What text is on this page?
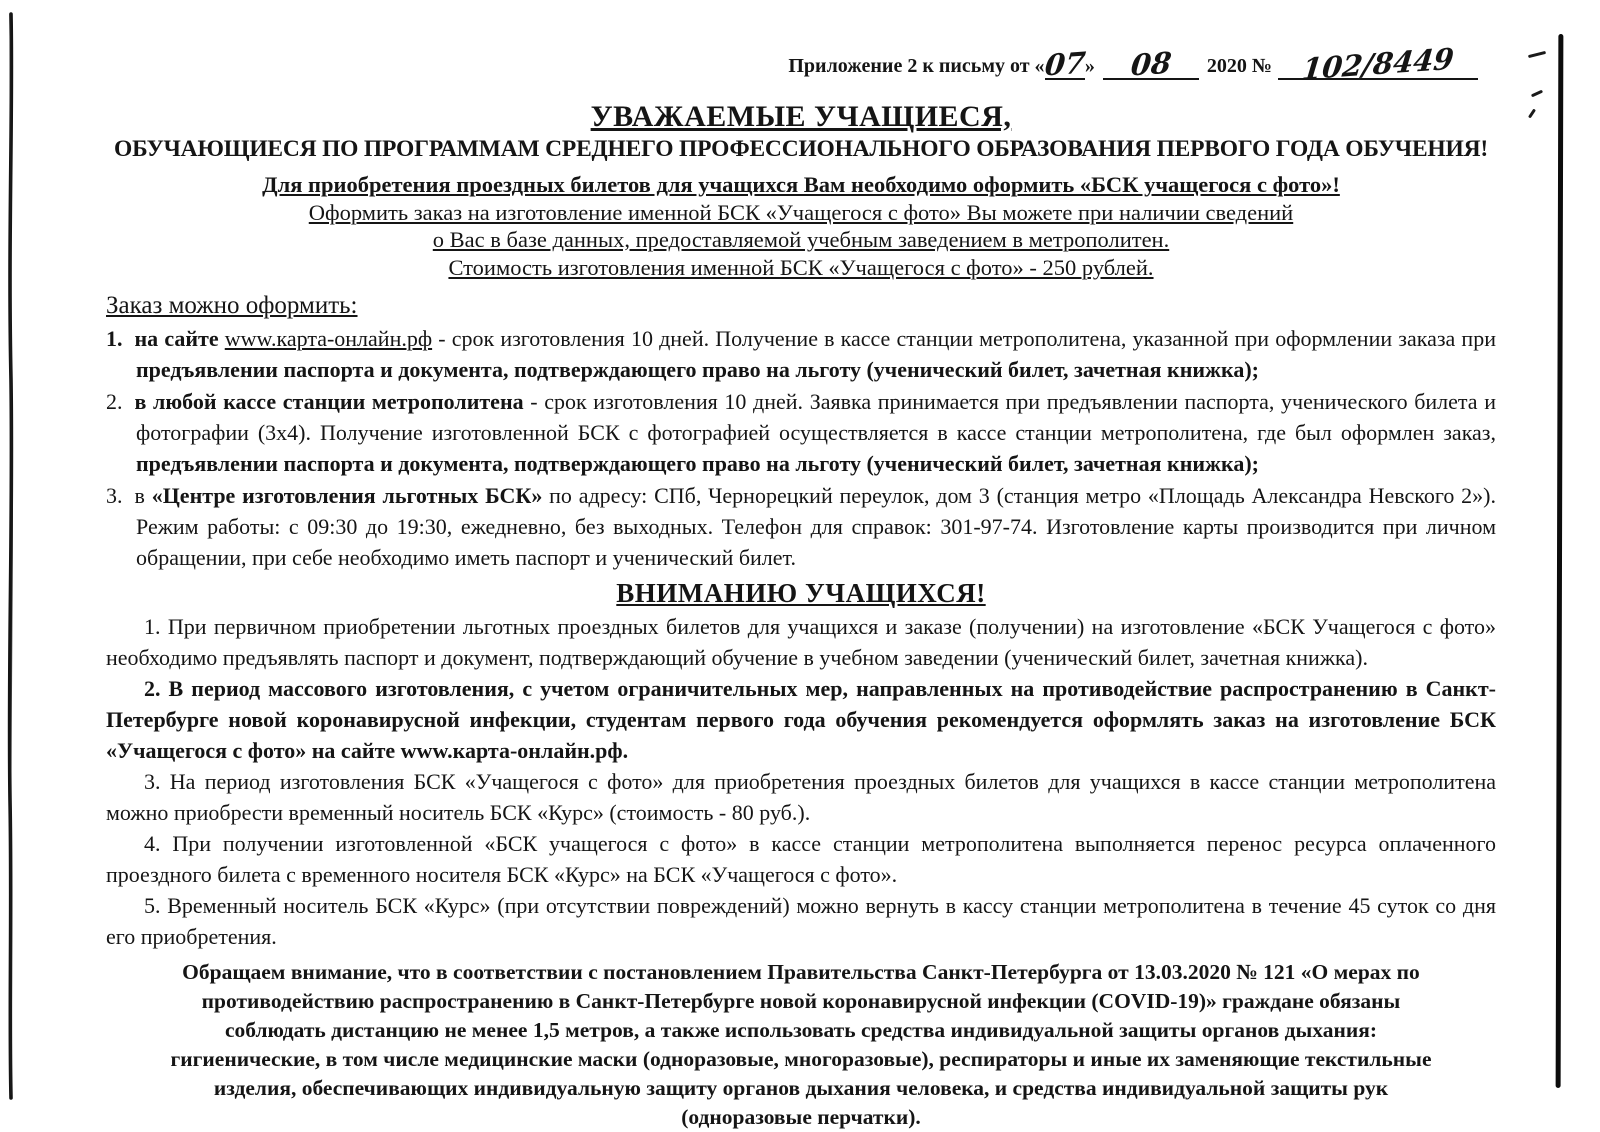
Приложение 2 к письму от «07» 08 2020 № 102/8449
УВАЖАЕМЫЕ УЧАЩИЕСЯ,
ОБУЧАЮЩИЕСЯ ПО ПРОГРАММАМ СРЕДНЕГО ПРОФЕССИОНАЛЬНОГО ОБРАЗОВАНИЯ ПЕРВОГО ГОДА ОБУЧЕНИЯ!
Для приобретения проездных билетов для учащихся Вам необходимо оформить «БСК учащегося с фото»!
Оформить заказ на изготовление именной БСК «Учащегося с фото» Вы можете при наличии сведений
о Вас в базе данных, предоставляемой учебным заведением в метрополитен.
Стоимость изготовления именной БСК «Учащегося с фото» - 250 рублей.
Заказ можно оформить:
1. на сайте www.карта-онлайн.рф - срок изготовления 10 дней. Получение в кассе станции метрополитена, указанной при оформлении заказа при предъявлении паспорта и документа, подтверждающего право на льготу (ученический билет, зачетная книжка);
2. в любой кассе станции метрополитена - срок изготовления 10 дней. Заявка принимается при предъявлении паспорта, ученического билета и фотографии (3х4). Получение изготовленной БСК с фотографией осуществляется в кассе станции метрополитена, где был оформлен заказ, предъявлении паспорта и документа, подтверждающего право на льготу (ученический билет, зачетная книжка);
3. в «Центре изготовления льготных БСК» по адресу: СПб, Чернорецкий переулок, дом 3 (станция метро «Площадь Александра Невского 2»). Режим работы: с 09:30 до 19:30, ежедневно, без выходных. Телефон для справок: 301-97-74. Изготовление карты производится при личном обращении, при себе необходимо иметь паспорт и ученический билет.
ВНИМАНИЮ УЧАЩИХСЯ!
1. При первичном приобретении льготных проездных билетов для учащихся и заказе (получении) на изготовление «БСК Учащегося с фото» необходимо предъявлять паспорт и документ, подтверждающий обучение в учебном заведении (ученический билет, зачетная книжка).
2. В период массового изготовления, с учетом ограничительных мер, направленных на противодействие распространению в Санкт-Петербурге новой коронавирусной инфекции, студентам первого года обучения рекомендуется оформлять заказ на изготовление БСК «Учащегося с фото» на сайте www.карта-онлайн.рф.
3. На период изготовления БСК «Учащегося с фото» для приобретения проездных билетов для учащихся в кассе станции метрополитена можно приобрести временный носитель БСК «Курс» (стоимость - 80 руб.).
4. При получении изготовленной «БСК учащегося с фото» в кассе станции метрополитена выполняется перенос ресурса оплаченного проездного билета с временного носителя БСК «Курс» на БСК «Учащегося с фото».
5. Временный носитель БСК «Курс» (при отсутствии повреждений) можно вернуть в кассу станции метрополитена в течение 45 суток со дня его приобретения.
Обращаем внимание, что в соответствии с постановлением Правительства Санкт-Петербурга от 13.03.2020 № 121 «О мерах по противодействию распространению в Санкт-Петербурге новой коронавирусной инфекции (COVID-19)» граждане обязаны соблюдать дистанцию не менее 1,5 метров, а также использовать средства индивидуальной защиты органов дыхания: гигиенические, в том числе медицинские маски (одноразовые, многоразовые), респираторы и иные их заменяющие текстильные изделия, обеспечивающих индивидуальную защиту органов дыхания человека, и средства индивидуальной защиты рук (одноразовые перчатки).
